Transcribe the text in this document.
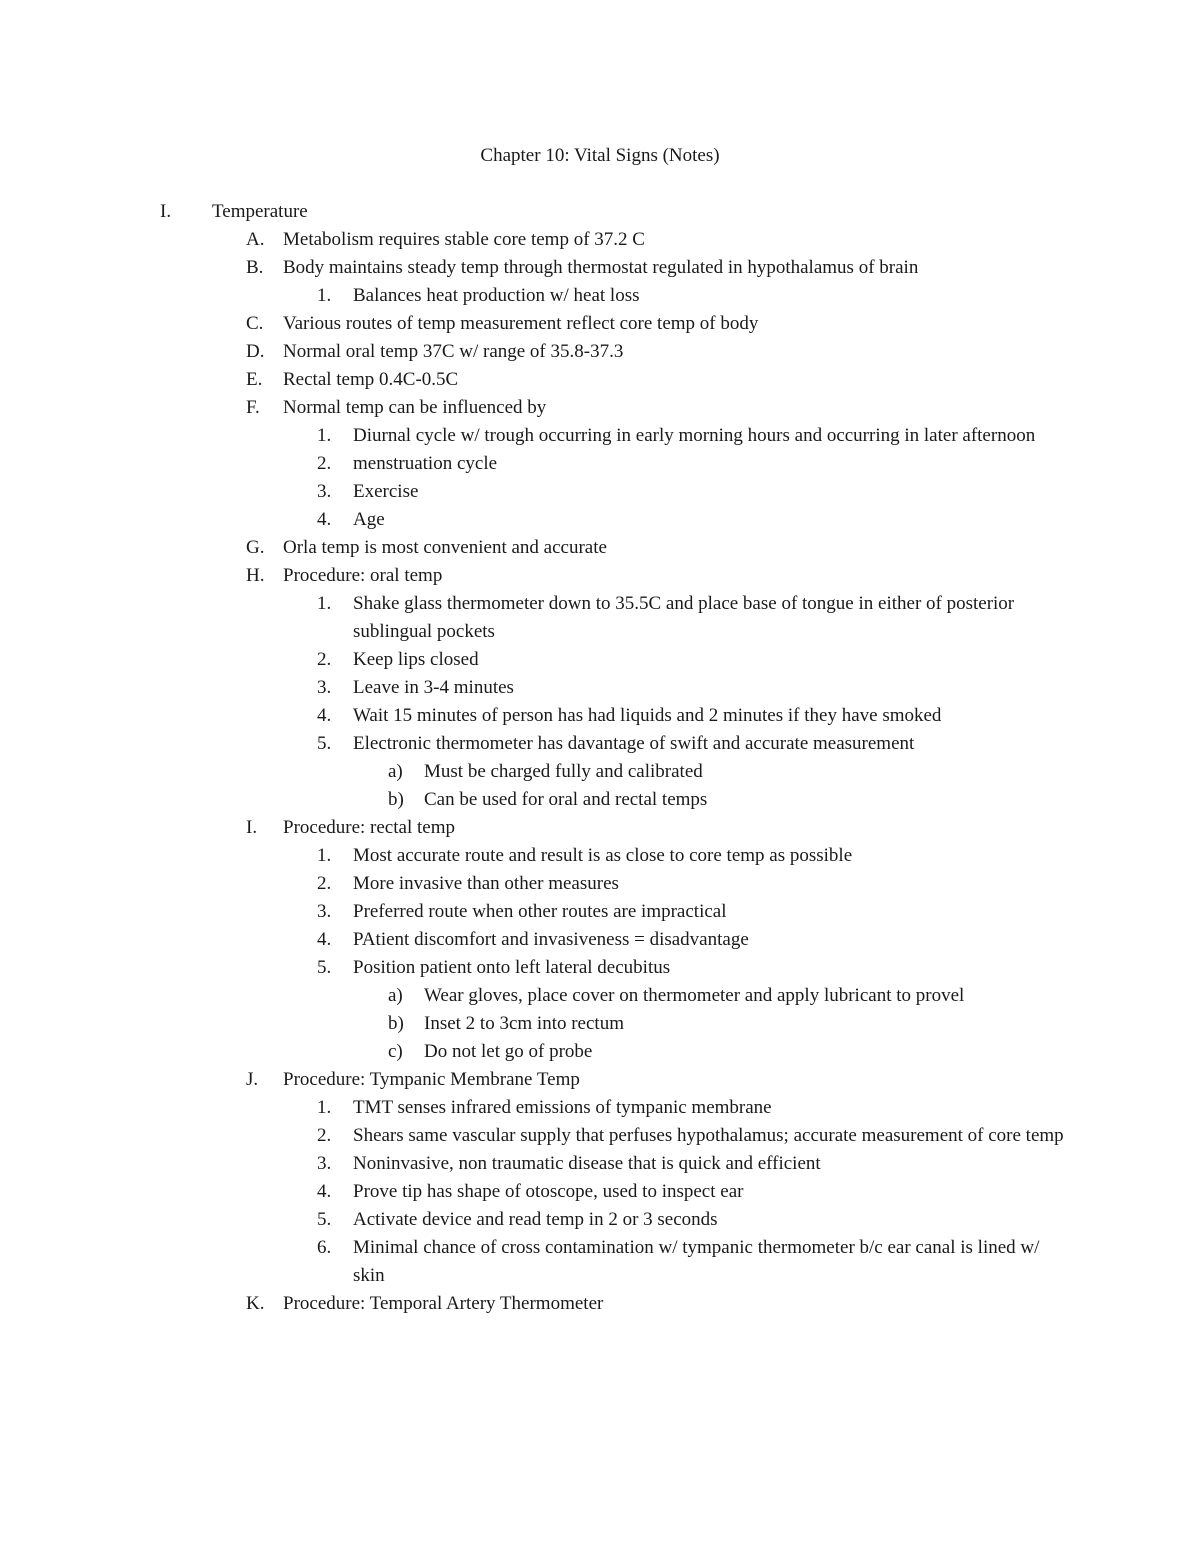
Chapter 10: Vital Signs (Notes)
I. Temperature
A. Metabolism requires stable core temp of 37.2 C
B. Body maintains steady temp through thermostat regulated in hypothalamus of brain
1. Balances heat production w/ heat loss
C. Various routes of temp measurement reflect core temp of body
D. Normal oral temp 37C w/ range of 35.8-37.3
E. Rectal temp 0.4C-0.5C
F. Normal temp can be influenced by
1. Diurnal cycle w/ trough occurring in early morning hours and occurring in later afternoon
2. menstruation cycle
3. Exercise
4. Age
G. Orla temp is most convenient and accurate
H. Procedure: oral temp
1. Shake glass thermometer down to 35.5C and place base of tongue in either of posterior sublingual pockets
2. Keep lips closed
3. Leave in 3-4 minutes
4. Wait 15 minutes of person has had liquids and 2 minutes if they have smoked
5. Electronic thermometer has davantage of swift and accurate measurement
a) Must be charged fully and calibrated
b) Can be used for oral and rectal temps
I. Procedure: rectal temp
1. Most accurate route and result is as close to core temp as possible
2. More invasive than other measures
3. Preferred route when other routes are impractical
4. PAtient discomfort and invasiveness = disadvantage
5. Position patient onto left lateral decubitus
a) Wear gloves, place cover on thermometer and apply lubricant to provel
b) Inset 2 to 3cm into rectum
c) Do not let go of probe
J. Procedure: Tympanic Membrane Temp
1. TMT senses infrared emissions of tympanic membrane
2. Shears same vascular supply that perfuses hypothalamus; accurate measurement of core temp
3. Noninvasive, non traumatic disease that is quick and efficient
4. Prove tip has shape of otoscope, used to inspect ear
5. Activate device and read temp in 2 or 3 seconds
6. Minimal chance of cross contamination w/ tympanic thermometer b/c ear canal is lined w/ skin
K. Procedure: Temporal Artery Thermometer
